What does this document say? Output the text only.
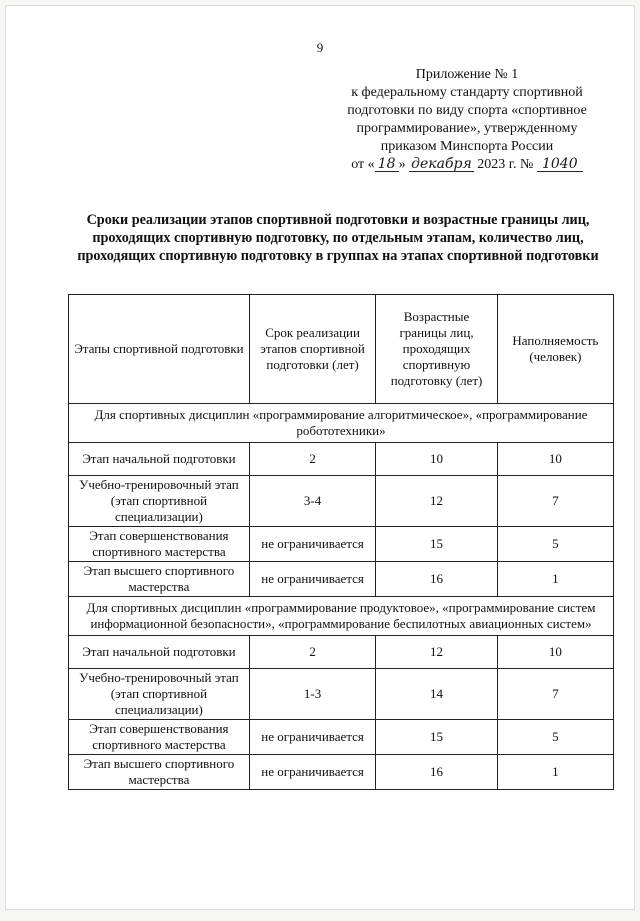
9
Приложение № 1
к федеральному стандарту спортивной
подготовки по виду спорта «спортивное
программирование», утвержденному
приказом Минспорта России
от « 18 » декабря 2023 г. № 1040
Сроки реализации этапов спортивной подготовки и возрастные границы лиц, проходящих спортивную подготовку, по отдельным этапам, количество лиц, проходящих спортивную подготовку в группах на этапах спортивной подготовки
Этапы спортивной подготовки	Срок реализации этапов спортивной подготовки (лет)	Возрастные границы лиц, проходящих спортивную подготовку (лет)	Наполняемость (человек)
Для спортивных дисциплин «программирование алгоритмическое», «программирование робототехники»			
Этап начальной подготовки	2	10	10
Учебно-тренировочный этап (этап спортивной специализации)	3-4	12	7
Этап совершенствования спортивного мастерства	не ограничивается	15	5
Этап высшего спортивного мастерства	не ограничивается	16	1
Для спортивных дисциплин «программирование продуктовое», «программирование систем информационной безопасности», «программирование беспилотных авиационных систем»			
Этап начальной подготовки	2	12	10
Учебно-тренировочный этап (этап спортивной специализации)	1-3	14	7
Этап совершенствования спортивного мастерства	не ограничивается	15	5
Этап высшего спортивного мастерства	не ограничивается	16	1
